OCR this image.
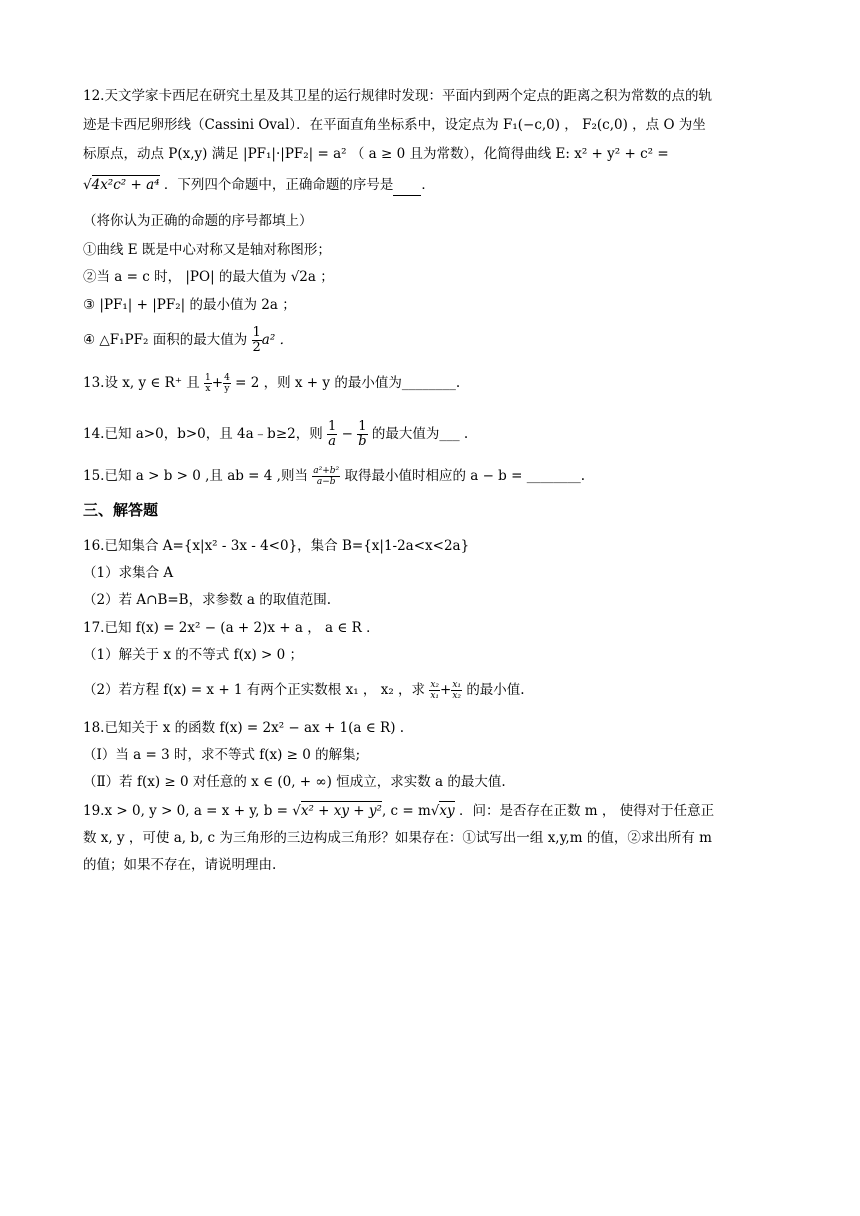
12.天文学家卡西尼在研究土星及其卫星的运行规律时发现：平面内到两个定点的距离之积为常数的点的轨
迹是卡西尼卵形线（Cassini Oval）．在平面直角坐标系中，设定点为 F₁(−c,0) ， F₂(c,0) ，点 O 为坐
标原点，动点 P(x,y) 满足 |PF₁|·|PF₂| = a² （ a ≥ 0 且为常数），化简得曲线 E: x² + y² + c² =
√4x²c² + a⁴ ．下列四个命题中，正确命题的序号是 ．
（将你认为正确的命题的序号都填上）
①曲线 E 既是中心对称又是轴对称图形；
②当 a = c 时， |PO| 的最大值为 √2a ；
③ |PF₁| + |PF₂| 的最小值为 2a ；
④ △F₁PF₂ 面积的最大值为 $\frac{1}{2} a^2$ ．
13.设 x, y ∈ R⁺ 且 $\frac{1}{x} + \frac{4}{y} = 2$ ，则 x + y 的最小值为________.
14.已知 a>0，b>0，且 4a﹣b≥2，则 $\frac{1}{a} - \frac{1}{b}$ 的最大值为___ .
15.已知 a > b > 0 ,且 ab = 4 ,则当 $\frac{\text{a²+b²}}{a-b}$ 取得最小值时相应的 a − b = ________.
三、解答题
16.已知集合 A={x|x² - 3x - 4<0}，集合 B={x|1-2a<x<2a}
（1）求集合 A
（2）若 A∩B=B，求参数 a 的取值范围.
17.已知 f(x) = 2x² − (a + 2)x + a ， a ∈ R ．
（1）解关于 x 的不等式 f(x) > 0 ；
（2）若方程 f(x) = x + 1 有两个正实数根 x₁ ， x₂ ，求 $\frac{\text{x₂}}{\text{x₁}} + \frac{\text{x₁}}{\text{x₂}}$ 的最小值.
18.已知关于 x 的函数 f(x) = 2x² − ax + 1(a ∈ R) .
（Ⅰ）当 a = 3 时，求不等式 f(x) ≥ 0 的解集;
（Ⅱ）若 f(x) ≥ 0 对任意的 x ∈ (0, + ∞) 恒成立，求实数 a 的最大值.
19.x > 0, y > 0, a = x + y, b = √x² + xy + y², c = m√xy ．问：是否存在正数 m ， 使得对于任意正
数 x, y ，可使 a, b, c 为三角形的三边构成三角形？如果存在：①试写出一组 x,y,m 的值，②求出所有 m
的值；如果不存在，请说明理由.
